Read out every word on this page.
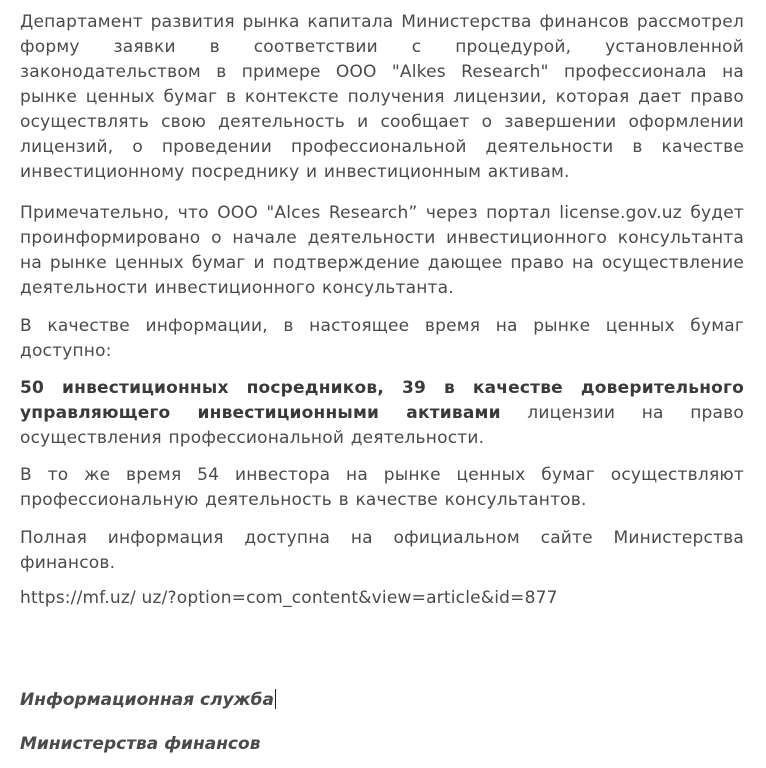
Департамент развития рынка капитала Министерства финансов рассмотрел форму заявки в соответствии с процедурой, установленной законодательством в примере ООО "Alkes Research" профессионала на рынке ценных бумаг в контексте получения лицензии, которая дает право осуществлять свою деятельность и сообщает о завершении оформлении лицензий, о проведении профессиональной деятельности в качестве инвестиционному посреднику и инвестиционным активам.

Примечательно, что ООО "Alces Research” через портал license.gov.uz будет проинформировано о начале деятельности инвестиционного консультанта на рынке ценных бумаг и подтверждение дающее право на осуществление деятельности инвестиционного консультанта.

В качестве информации, в настоящее время на рынке ценных бумаг доступно:

50 инвестиционных посредников, 39 в качестве доверительного управляющего инвестиционными активами лицензии на право осуществления профессиональной деятельности.

В то же время 54 инвестора на рынке ценных бумаг осуществляют профессиональную деятельность в качестве консультантов.

Полная информация доступна на официальном сайте Министерства финансов.

https://mf.uz/ uz/?option=com_content&view=article&id=877

Информационная служба
Министерства финансов
